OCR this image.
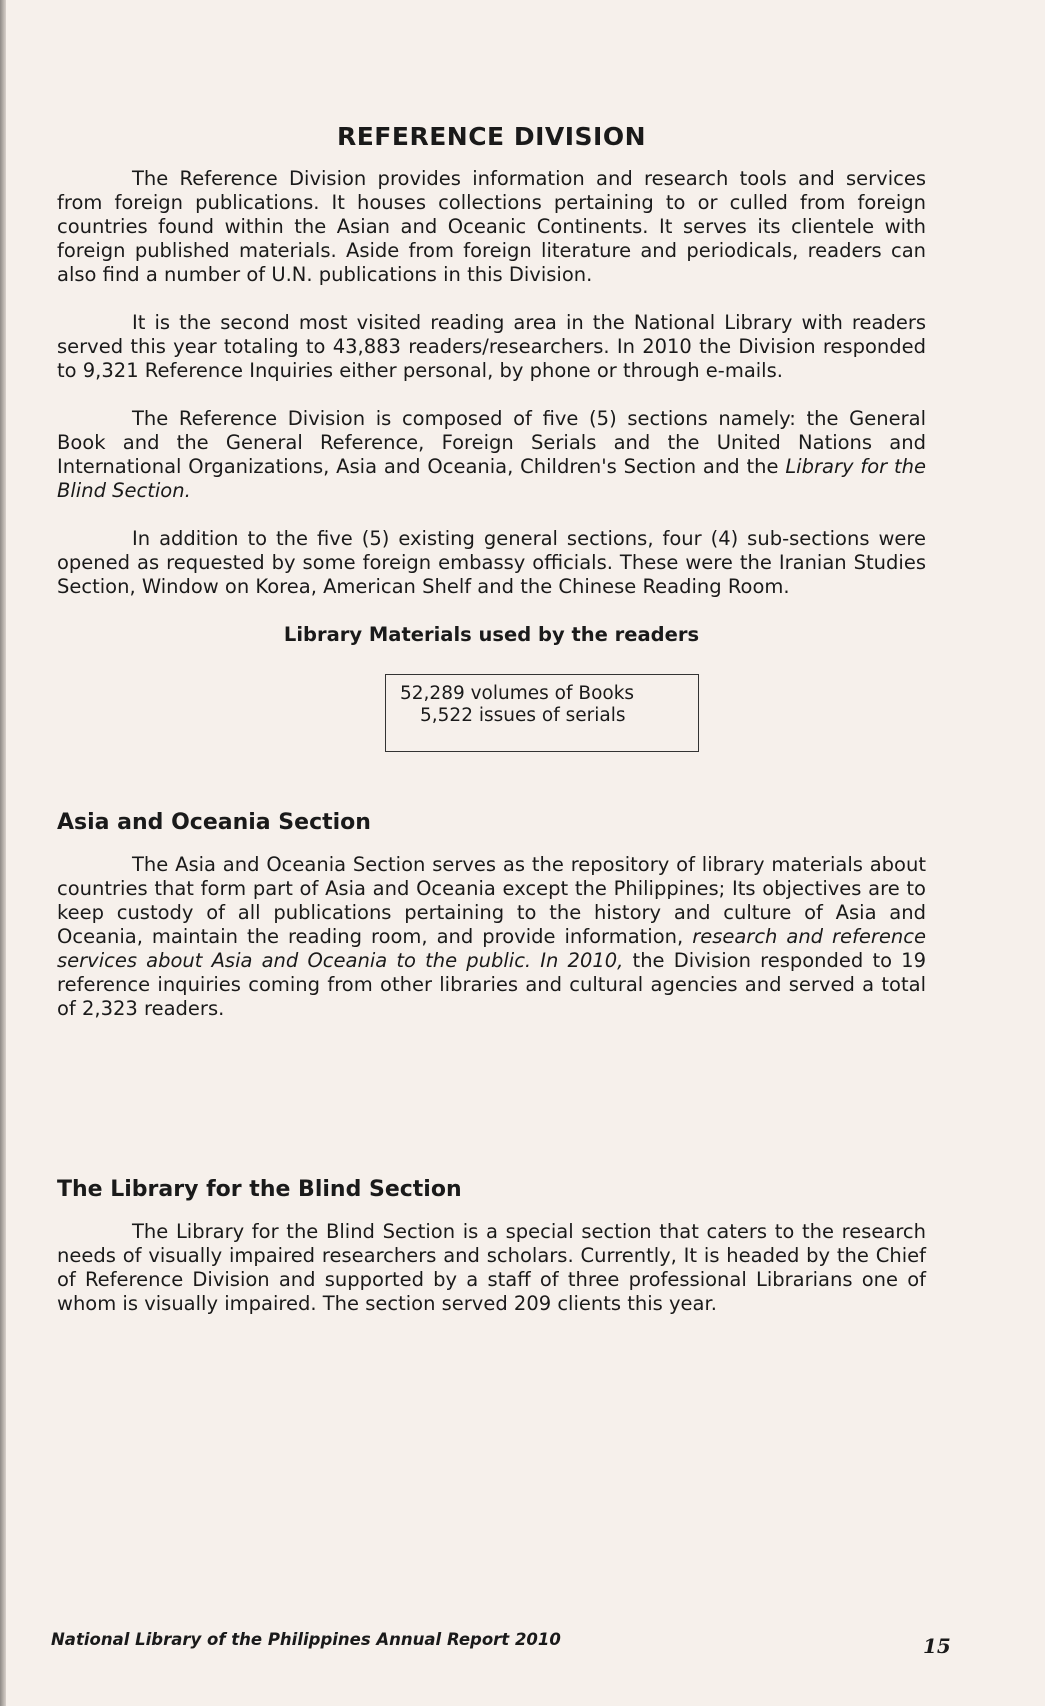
REFERENCE DIVISION

The Reference Division provides information and research tools and services from foreign publications. It houses collections pertaining to or culled from foreign countries found within the Asian and Oceanic Continents. It serves its clientele with foreign published materials. Aside from foreign literature and periodicals, readers can also find a number of U.N. publications in this Division.

It is the second most visited reading area in the National Library with readers served this year totaling to 43,883 readers/researchers. In 2010 the Division responded to 9,321 Reference Inquiries either personal, by phone or through e-mails.

The Reference Division is composed of five (5) sections namely: the General Book and the General Reference, Foreign Serials and the United Nations and International Organizations, Asia and Oceania, Children's Section and the Library for the Blind Section.

In addition to the five (5) existing general sections, four (4) sub-sections were opened as requested by some foreign embassy officials. These were the Iranian Studies Section, Window on Korea, American Shelf and the Chinese Reading Room.

Library Materials used by the readers
52,289 volumes of Books
5,522 issues of serials
Asia and Oceania Section

The Asia and Oceania Section serves as the repository of library materials about countries that form part of Asia and Oceania except the Philippines; Its objectives are to keep custody of all publications pertaining to the history and culture of Asia and Oceania, maintain the reading room, and provide information, research and reference services about Asia and Oceania to the public. In 2010, the Division responded to 19 reference inquiries coming from other libraries and cultural agencies and served a total of 2,323 readers.

The Library for the Blind Section

The Library for the Blind Section is a special section that caters to the research needs of visually impaired researchers and scholars. Currently, It is headed by the Chief of Reference Division and supported by a staff of three professional Librarians one of whom is visually impaired. The section served 209 clients this year.

National Library of the Philippines Annual Report 2010	15
